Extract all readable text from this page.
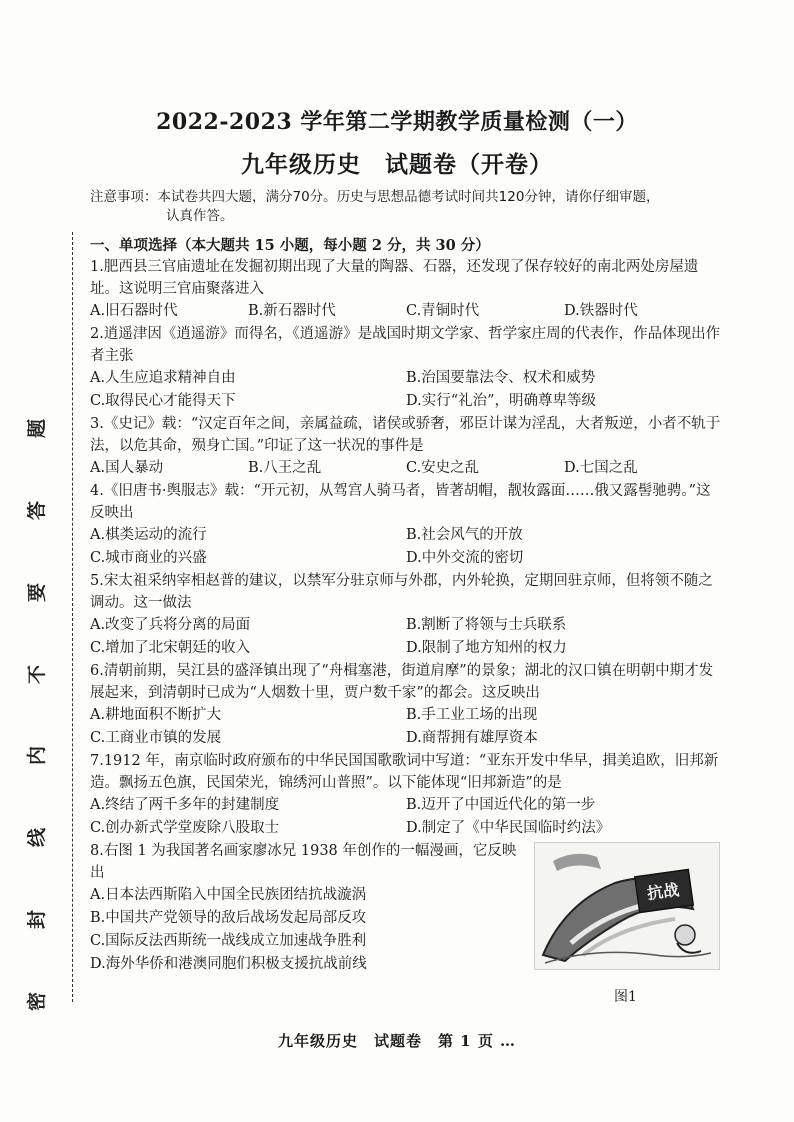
题
答
要
不
内
线
封
密
2022-2023 学年第二学期教学质量检测（一）
九年级历史　试题卷（开卷）
注意事项：本试卷共四大题，满分70分。历史与思想品德考试时间共120分钟，请你仔细审题，
认真作答。
一、单项选择（本大题共 15 小题，每小题 2 分，共 30 分）
1.肥西县三官庙遗址在发掘初期出现了大量的陶器、石器，还发现了保存较好的南北两处房屋遗址。这说明三官庙聚落进入
A.旧石器时代	B.新石器时代	C.青铜时代	D.铁器时代
2.逍遥津因《逍遥游》而得名，《逍遥游》是战国时期文学家、哲学家庄周的代表作，作品体现出作者主张
A.人生应追求精神自由	B.治国要靠法令、权术和威势
C.取得民心才能得天下	D.实行“礼治”，明确尊卑等级
3.《史记》载：“汉定百年之间，亲属益疏，诸侯或骄奢，邪臣计谋为淫乱，大者叛逆，小者不轨于法，以危其命，殒身亡国。”印证了这一状况的事件是
A.国人暴动	B.八王之乱	C.安史之乱	D.七国之乱
4.《旧唐书·舆服志》载：“开元初，从驾宫人骑马者，皆著胡帽，靓妆露面……俄又露髻驰骋。”这反映出
A.棋类运动的流行	B.社会风气的开放
C.城市商业的兴盛	D.中外交流的密切
5.宋太祖采纳宰相赵普的建议，以禁军分驻京师与外郡，内外轮换，定期回驻京师，但将领不随之调动。这一做法
A.改变了兵将分离的局面	B.割断了将领与士兵联系
C.增加了北宋朝廷的收入	D.限制了地方知州的权力
6.清朝前期，吴江县的盛泽镇出现了“舟楫塞港，街道肩摩”的景象；湖北的汉口镇在明朝中期才发展起来，到清朝时已成为“人烟数十里，贾户数千家”的都会。这反映出
A.耕地面积不断扩大	B.手工业工场的出现
C.工商业市镇的发展	D.商帮拥有雄厚资本
7.1912 年，南京临时政府颁布的中华民国国歌歌词中写道：“亚东开发中华早，揖美追欧，旧邦新造。飘扬五色旗，民国荣光，锦绣河山普照”。以下能体现“旧邦新造”的是
A.终结了两千多年的封建制度	B.迈开了中国近代化的第一步
C.创办新式学堂废除八股取士	D.制定了《中华民国临时约法》
8.右图 1 为我国著名画家廖冰兄 1938 年创作的一幅漫画，它反映出
A.日本法西斯陷入中国全民族团结抗战漩涡
B.中国共产党领导的敌后战场发起局部反攻
C.国际反法西斯统一战线成立加速战争胜利
D.海外华侨和港澳同胞们积极支援抗战前线
抗战
图1
九年级历史　试题卷　第 1 页 …
